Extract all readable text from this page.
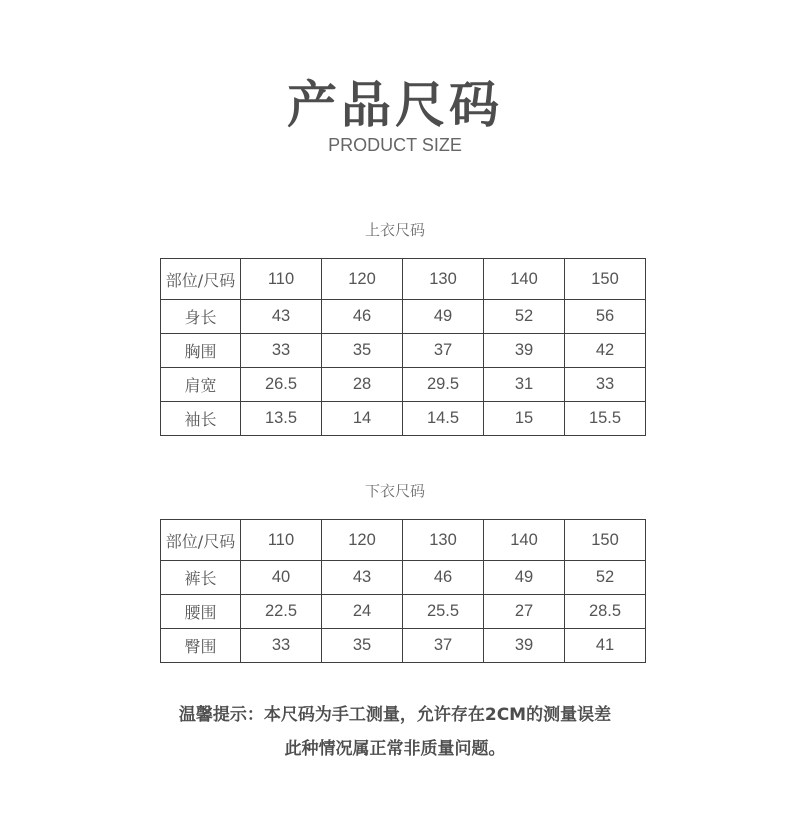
产品尺码
PRODUCT SIZE
上衣尺码
部位/尺码	110	120	130	140	150
身长	43	46	49	52	56
胸围	33	35	37	39	42
肩宽	26.5	28	29.5	31	33
袖长	13.5	14	14.5	15	15.5
下衣尺码
部位/尺码	110	120	130	140	150
裤长	40	43	46	49	52
腰围	22.5	24	25.5	27	28.5
臀围	33	35	37	39	41
温馨提示：本尺码为手工测量，允许存在2CM的测量误差
此种情况属正常非质量问题。
